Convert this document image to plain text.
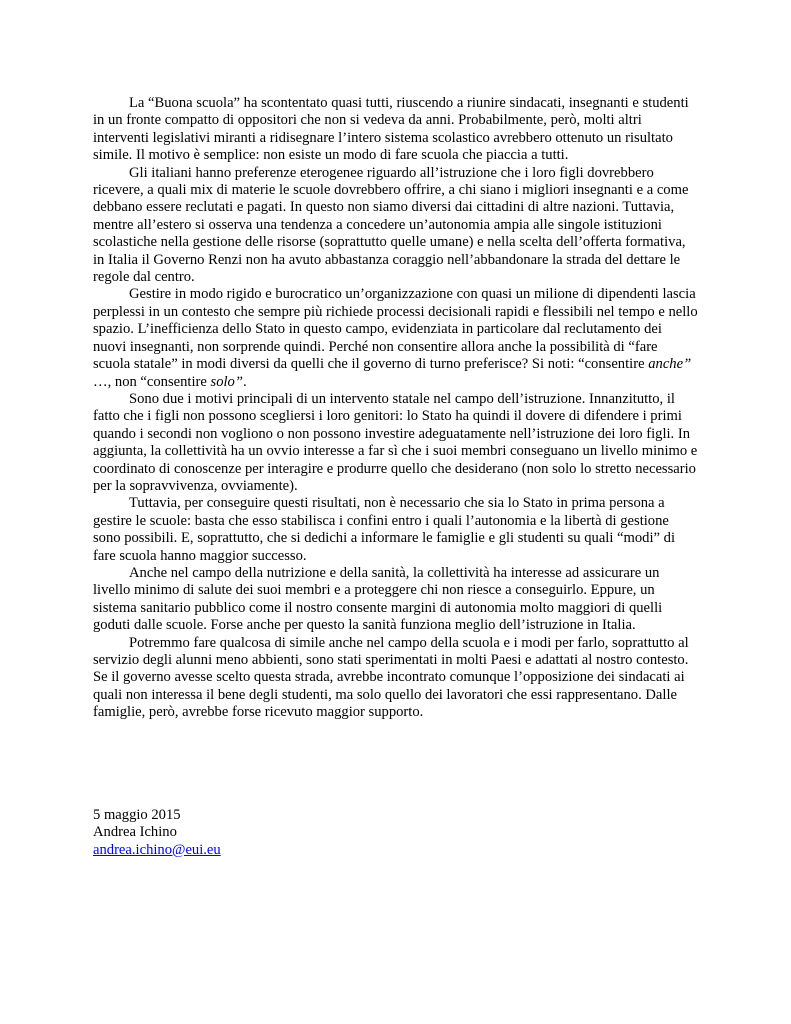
La “Buona scuola” ha scontentato quasi tutti, riuscendo a riunire sindacati, insegnanti e studenti in un fronte compatto di oppositori che non si vedeva da anni. Probabilmente, però, molti altri interventi legislativi miranti a ridisegnare l’intero sistema scolastico avrebbero ottenuto un risultato simile. Il motivo è semplice: non esiste un modo di fare scuola che piaccia a tutti.

Gli italiani hanno preferenze eterogenee riguardo all’istruzione che i loro figli dovrebbero ricevere, a quali mix di materie le scuole dovrebbero offrire, a chi siano i migliori insegnanti e a come debbano essere reclutati e pagati. In questo non siamo diversi dai cittadini di altre nazioni. Tuttavia, mentre all’estero si osserva una tendenza a concedere un’autonomia ampia alle singole istituzioni scolastiche nella gestione delle risorse (soprattutto quelle umane) e nella scelta dell’offerta formativa, in Italia il Governo Renzi non ha avuto abbastanza coraggio nell’abbandonare la strada del dettare le regole dal centro.

Gestire in modo rigido e burocratico un’organizzazione con quasi un milione di dipendenti lascia perplessi in un contesto che sempre più richiede processi decisionali rapidi e flessibili nel tempo e nello spazio. L’inefficienza dello Stato in questo campo, evidenziata in particolare dal reclutamento dei nuovi insegnanti, non sorprende quindi. Perché non consentire allora anche la possibilità di “fare scuola statale” in modi diversi da quelli che il governo di turno preferisce? Si noti: “consentire anche” …, non “consentire solo”.

Sono due i motivi principali di un intervento statale nel campo dell’istruzione. Innanzitutto, il fatto che i figli non possono scegliersi i loro genitori: lo Stato ha quindi il dovere di difendere i primi quando i secondi non vogliono o non possono investire adeguatamente nell’istruzione dei loro figli. In aggiunta, la collettività ha un ovvio interesse a far sì che i suoi membri conseguano un livello minimo e coordinato di conoscenze per interagire e produrre quello che desiderano (non solo lo stretto necessario per la sopravvivenza, ovviamente).

Tuttavia, per conseguire questi risultati, non è necessario che sia lo Stato in prima persona a gestire le scuole: basta che esso stabilisca i confini entro i quali l’autonomia e la libertà di gestione sono possibili. E, soprattutto, che si dedichi a informare le famiglie e gli studenti su quali “modi” di fare scuola hanno maggior successo.

Anche nel campo della nutrizione e della sanità, la collettività ha interesse ad assicurare un livello minimo di salute dei suoi membri e a proteggere chi non riesce a conseguirlo. Eppure, un sistema sanitario pubblico come il nostro consente margini di autonomia molto maggiori di quelli goduti dalle scuole. Forse anche per questo la sanità funziona meglio dell’istruzione in Italia.

Potremmo fare qualcosa di simile anche nel campo della scuola e i modi per farlo, soprattutto al servizio degli alunni meno abbienti, sono stati sperimentati in molti Paesi e adattati al nostro contesto. Se il governo avesse scelto questa strada, avrebbe incontrato comunque l’opposizione dei sindacati ai quali non interessa il bene degli studenti, ma solo quello dei lavoratori che essi rappresentano. Dalle famiglie, però, avrebbe forse ricevuto maggior supporto.

5 maggio 2015
Andrea Ichino
andrea.ichino@eui.eu
